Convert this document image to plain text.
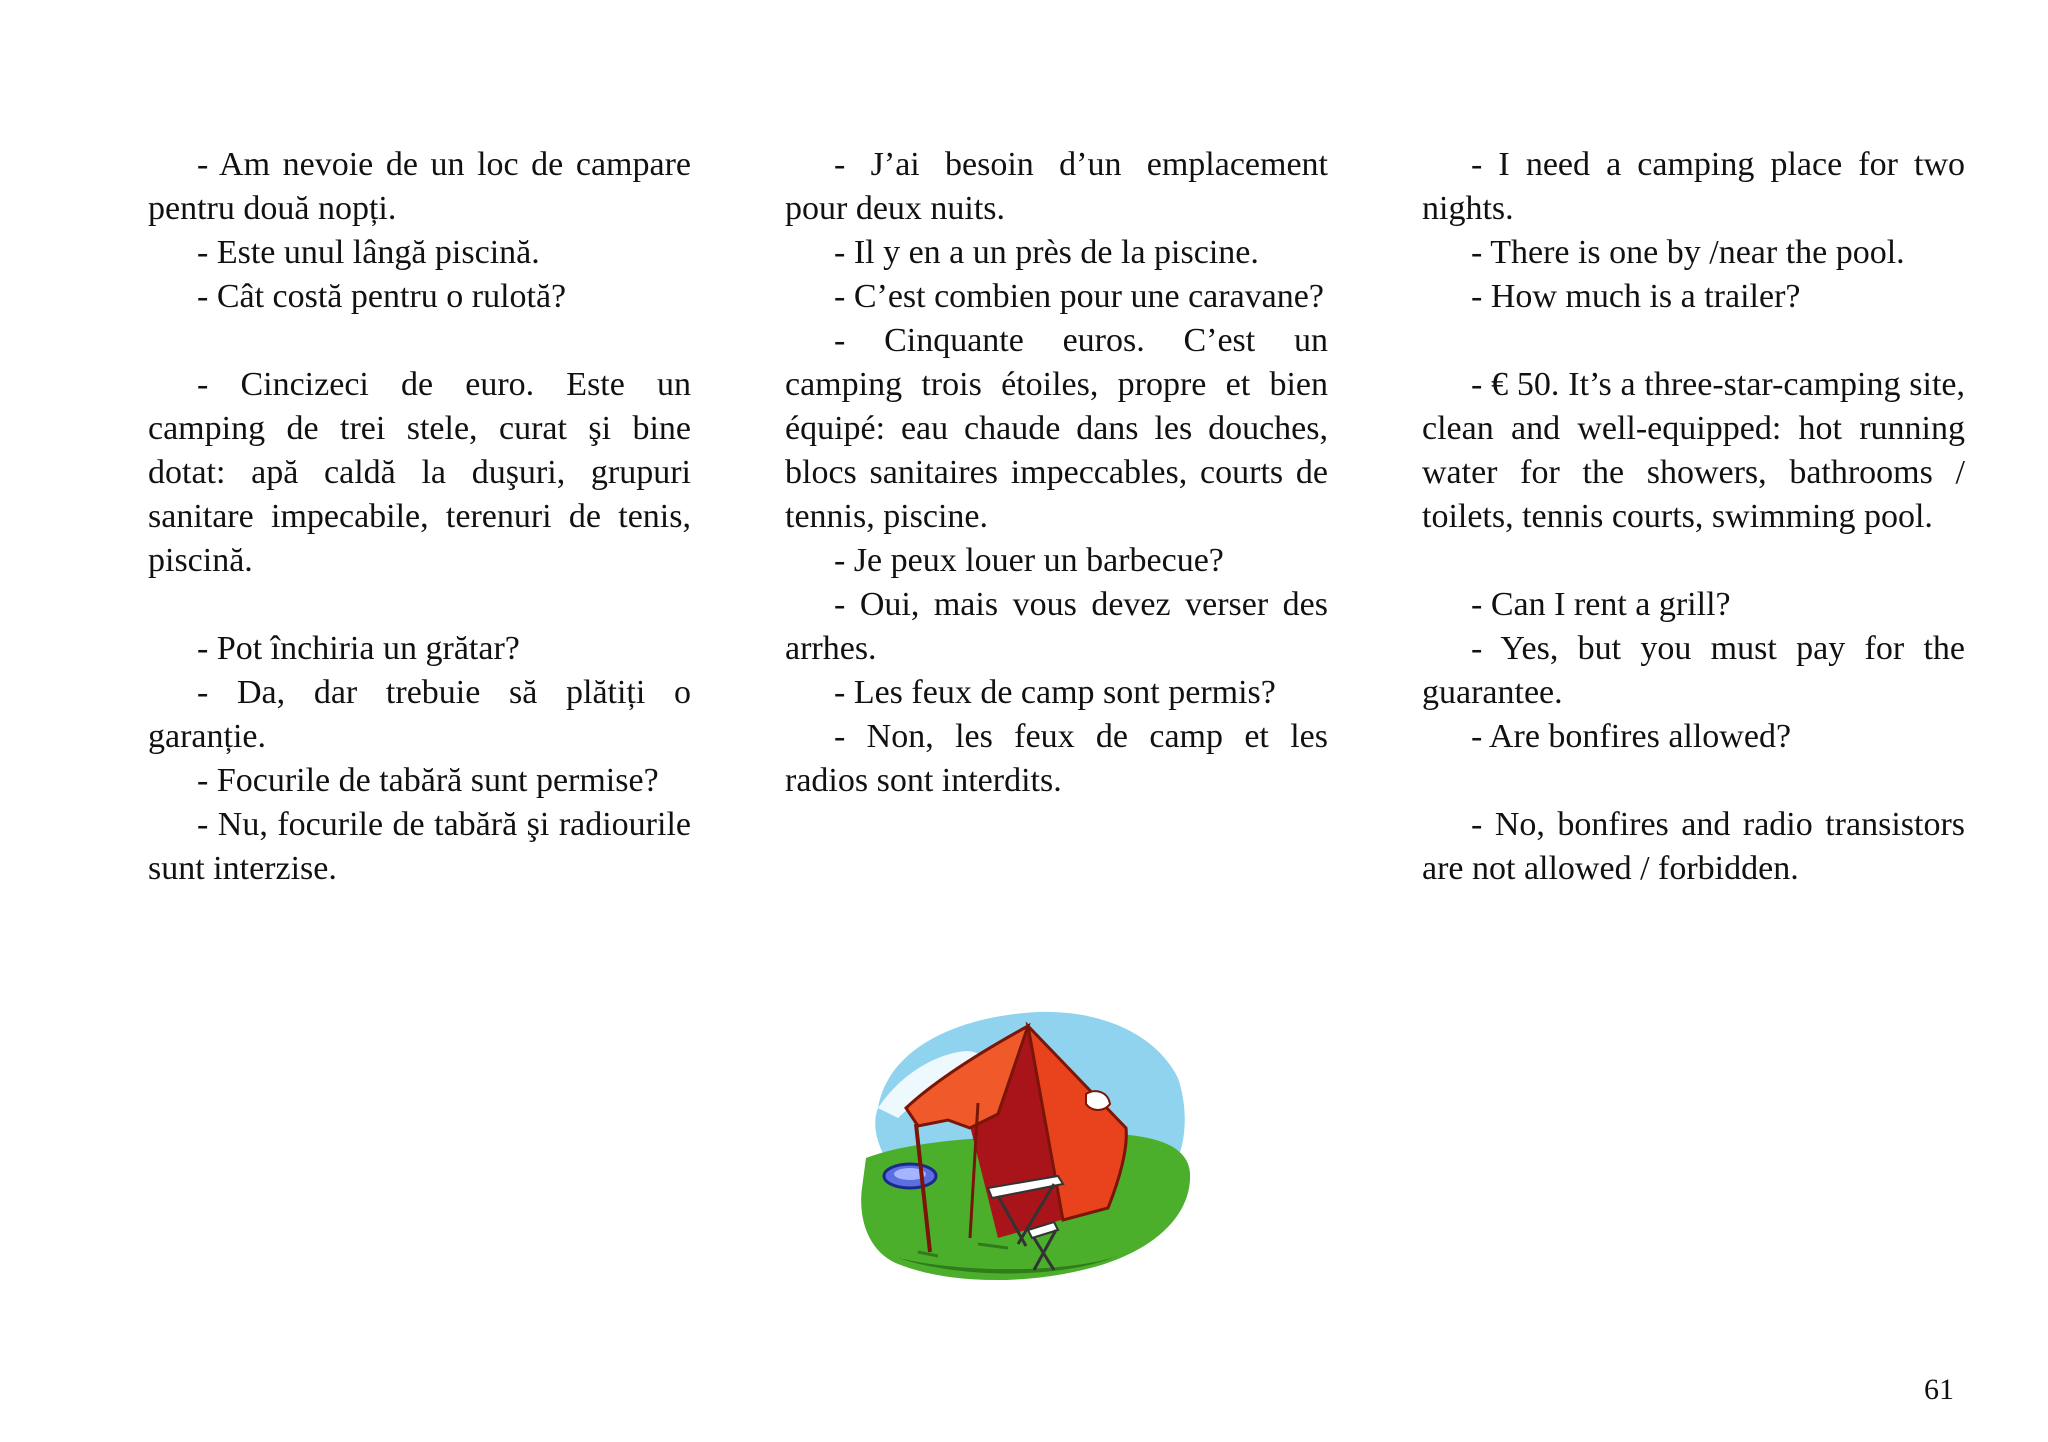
- Am nevoie de un loc de campare pentru două nopți.

- Este unul lângă piscină.

- Cât costă pentru o rulotă?

- Cincizeci de euro. Este un camping de trei stele, curat şi bine dotat: apă caldă la duşuri, grupuri sanitare impecabile, terenuri de tenis, piscină.

- Pot închiria un grătar?

- Da, dar trebuie să plătiți o garanție.

- Focurile de tabără sunt permise?

- Nu, focurile de tabără şi radiourile sunt interzise.

- J’ai besoin d’un emplacement pour deux nuits.

- Il y en a un près de la piscine.

- C’est combien pour une caravane?

- Cinquante euros. C’est un camping trois étoiles, propre et bien équipé: eau chaude dans les douches, blocs sanitaires impeccables, courts de tennis, piscine.

- Je peux louer un barbecue?

- Oui, mais vous devez verser des arrhes.

- Les feux de camp sont permis?

- Non, les feux de camp et les radios sont interdits.

- I need a camping place for two nights.

- There is one by /near the pool.

- How much is a trailer?

- € 50. It’s a three-star-camping site, clean and well-equipped: hot running water for the showers, bathrooms / toilets, tennis courts, swimming pool.

- Can I rent a grill?

- Yes, but you must pay for the guarantee.

- Are bonfires allowed?

- No, bonfires and radio transistors are not allowed / forbidden.

61
